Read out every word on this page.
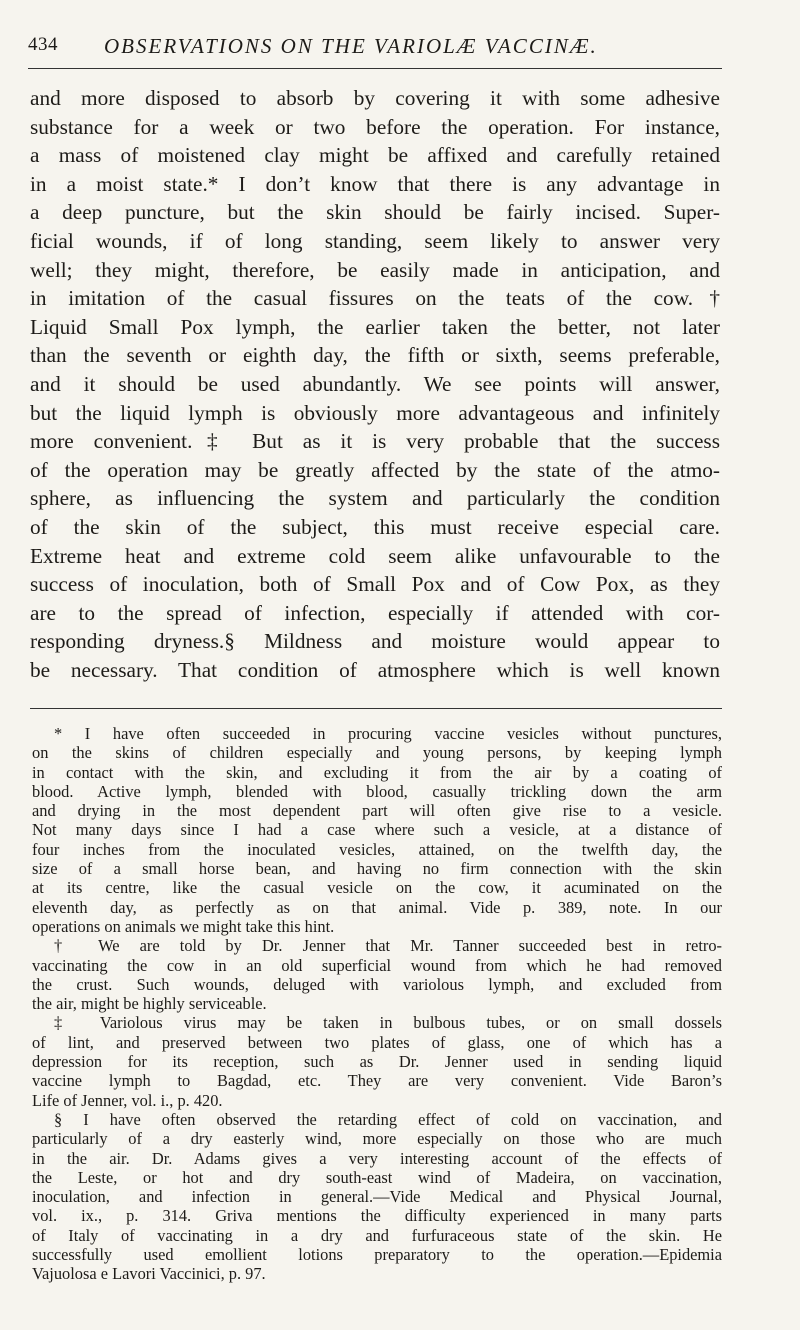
434 OBSERVATIONS ON THE VARIOLÆ VACCINÆ.
and more disposed to absorb by covering it with some adhesive
substance for a week or two before the operation. For instance,
a mass of moistened clay might be affixed and carefully retained
in a moist state.* I don’t know that there is any advantage in
a deep puncture, but the skin should be fairly incised. Super-
ficial wounds, if of long standing, seem likely to answer very
well; they might, therefore, be easily made in anticipation, and
in imitation of the casual fissures on the teats of the cow.†
Liquid Small Pox lymph, the earlier taken the better, not later
than the seventh or eighth day, the fifth or sixth, seems preferable,
and it should be used abundantly. We see points will answer,
but the liquid lymph is obviously more advantageous and infinitely
more convenient.‡ But as it is very probable that the success
of the operation may be greatly affected by the state of the atmo-
sphere, as influencing the system and particularly the condition
of the skin of the subject, this must receive especial care.
Extreme heat and extreme cold seem alike unfavourable to the
success of inoculation, both of Small Pox and of Cow Pox, as they
are to the spread of infection, especially if attended with cor-
responding dryness.§ Mildness and moisture would appear to
be necessary. That condition of atmosphere which is well known
* I have often succeeded in procuring vaccine vesicles without punctures,
on the skins of children especially and young persons, by keeping lymph
in contact with the skin, and excluding it from the air by a coating of
blood. Active lymph, blended with blood, casually trickling down the arm
and drying in the most dependent part will often give rise to a vesicle.
Not many days since I had a case where such a vesicle, at a distance of
four inches from the inoculated vesicles, attained, on the twelfth day, the
size of a small horse bean, and having no firm connection with the skin
at its centre, like the casual vesicle on the cow, it acuminated on the
eleventh day, as perfectly as on that animal. Vide p. 389, note. In our
operations on animals we might take this hint.
† We are told by Dr. Jenner that Mr. Tanner succeeded best in retro-
vaccinating the cow in an old superficial wound from which he had removed
the crust. Such wounds, deluged with variolous lymph, and excluded from
the air, might be highly serviceable.
‡ Variolous virus may be taken in bulbous tubes, or on small dossels
of lint, and preserved between two plates of glass, one of which has a
depression for its reception, such as Dr. Jenner used in sending liquid
vaccine lymph to Bagdad, etc. They are very convenient. Vide Baron’s
Life of Jenner, vol. i., p. 420.
§ I have often observed the retarding effect of cold on vaccination, and
particularly of a dry easterly wind, more especially on those who are much
in the air. Dr. Adams gives a very interesting account of the effects of
the Leste, or hot and dry south-east wind of Madeira, on vaccination,
inoculation, and infection in general.—Vide Medical and Physical Journal,
vol. ix., p. 314. Griva mentions the difficulty experienced in many parts
of Italy of vaccinating in a dry and furfuraceous state of the skin. He
successfully used emollient lotions preparatory to the operation.—Epidemia
Vajuolosa e Lavori Vaccinici, p. 97.
